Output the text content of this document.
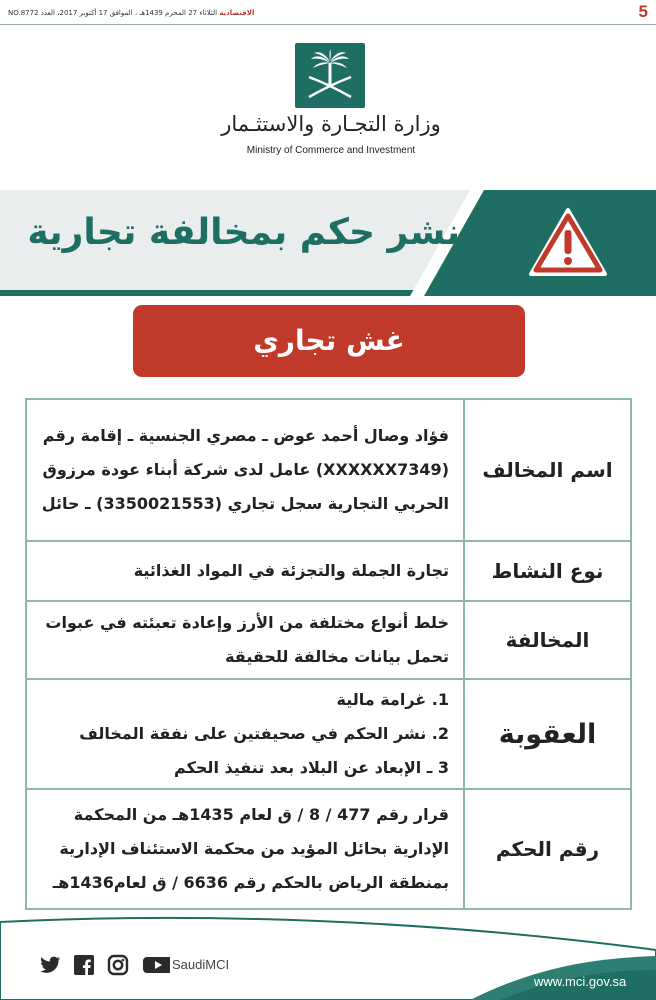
الاقتصادية الثلاثاء 27 المحرم 1439هـ ، الموافق 17 أكتوبر 2017، العدد NO.8772	5
وزارة التجـارة والاستثـمار
Ministry of Commerce and Investment
نشر حكم بمخالفة تجارية
غش تجاري
اسم المخالف	فؤاد وصال أحمد عوض ـ مصري الجنسية ـ إقامة رقم
(XXXXXX7349) عامل لدى شركة أبناء عودة مرزوق
الحربي التجارية سجل تجاري (3350021553) ـ حائل

نوع النشاط	تجارة الجملة والتجزئة في المواد الغذائية
المخالفة	خلط أنواع مختلفة من الأرز وإعادة تعبئته في عبوات
تحمل بيانات مخالفة للحقيقة

العقوبة	1. غرامة مالية
2. نشر الحكم في صحيفتين على نفقة المخالف
3 ـ الإبعاد عن البلاد بعد تنفيذ الحكم

رقم الحكم	قرار رقم 477 / 8 / ق لعام 1435هـ من المحكمة
الإدارية بحائل المؤيد من محكمة الاستئناف الإدارية
بمنطقة الرياض بالحكم رقم 6636 / ق لعام1436هـ
SaudiMCI
www.mci.gov.sa
